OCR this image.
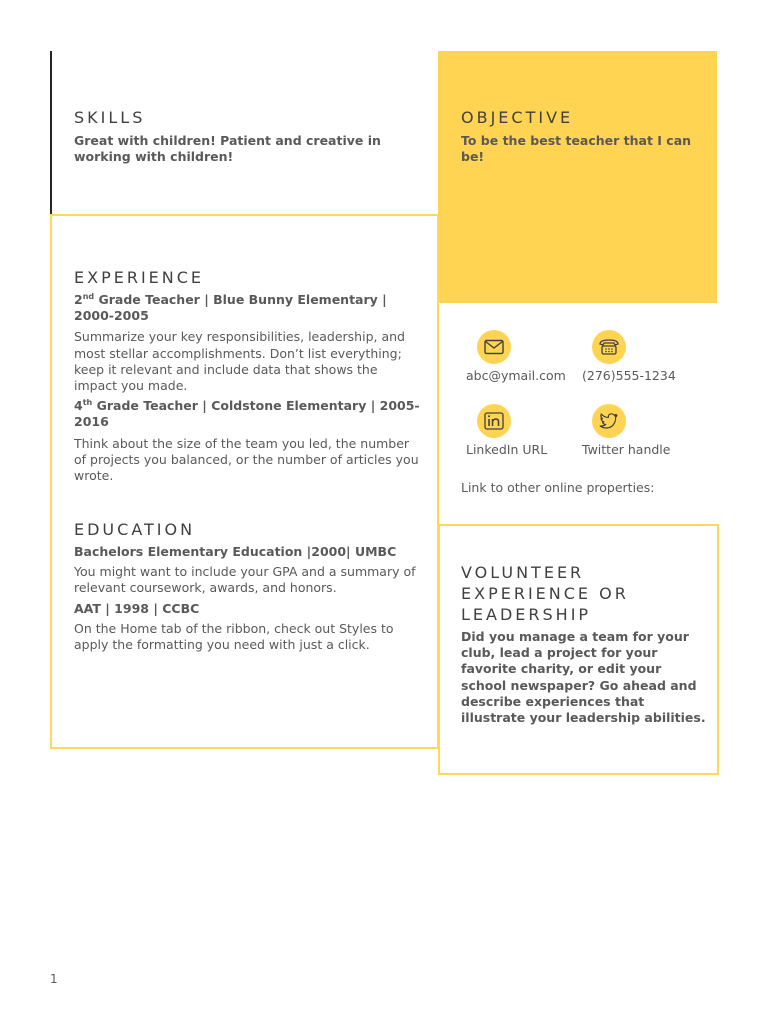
SKILLS

Great with children! Patient and creative in working with children!

OBJECTIVE

To be the best teacher that I can be!

EXPERIENCE

2nd Grade Teacher | Blue Bunny Elementary | 2000-2005

Summarize your key responsibilities, leadership, and most stellar accomplishments. Don’t list everything; keep it relevant and include data that shows the impact you made.

4th Grade Teacher | Coldstone Elementary | 2005-2016

Think about the size of the team you led, the number of projects you balanced, or the number of articles you wrote.

EDUCATION

Bachelors Elementary Education |2000| UMBC

You might want to include your GPA and a summary of relevant coursework, awards, and honors.

AAT | 1998 | CCBC

On the Home tab of the ribbon, check out Styles to apply the formatting you need with just a click.

abc@ymail.com (276)555-1234
LinkedIn URL	Twitter handle
Link to other online properties:
VOLUNTEER
EXPERIENCE OR
LEADERSHIP

Did you manage a team for your club, lead a project for your favorite charity, or edit your school newspaper? Go ahead and describe experiences that illustrate your leadership abilities.

1
